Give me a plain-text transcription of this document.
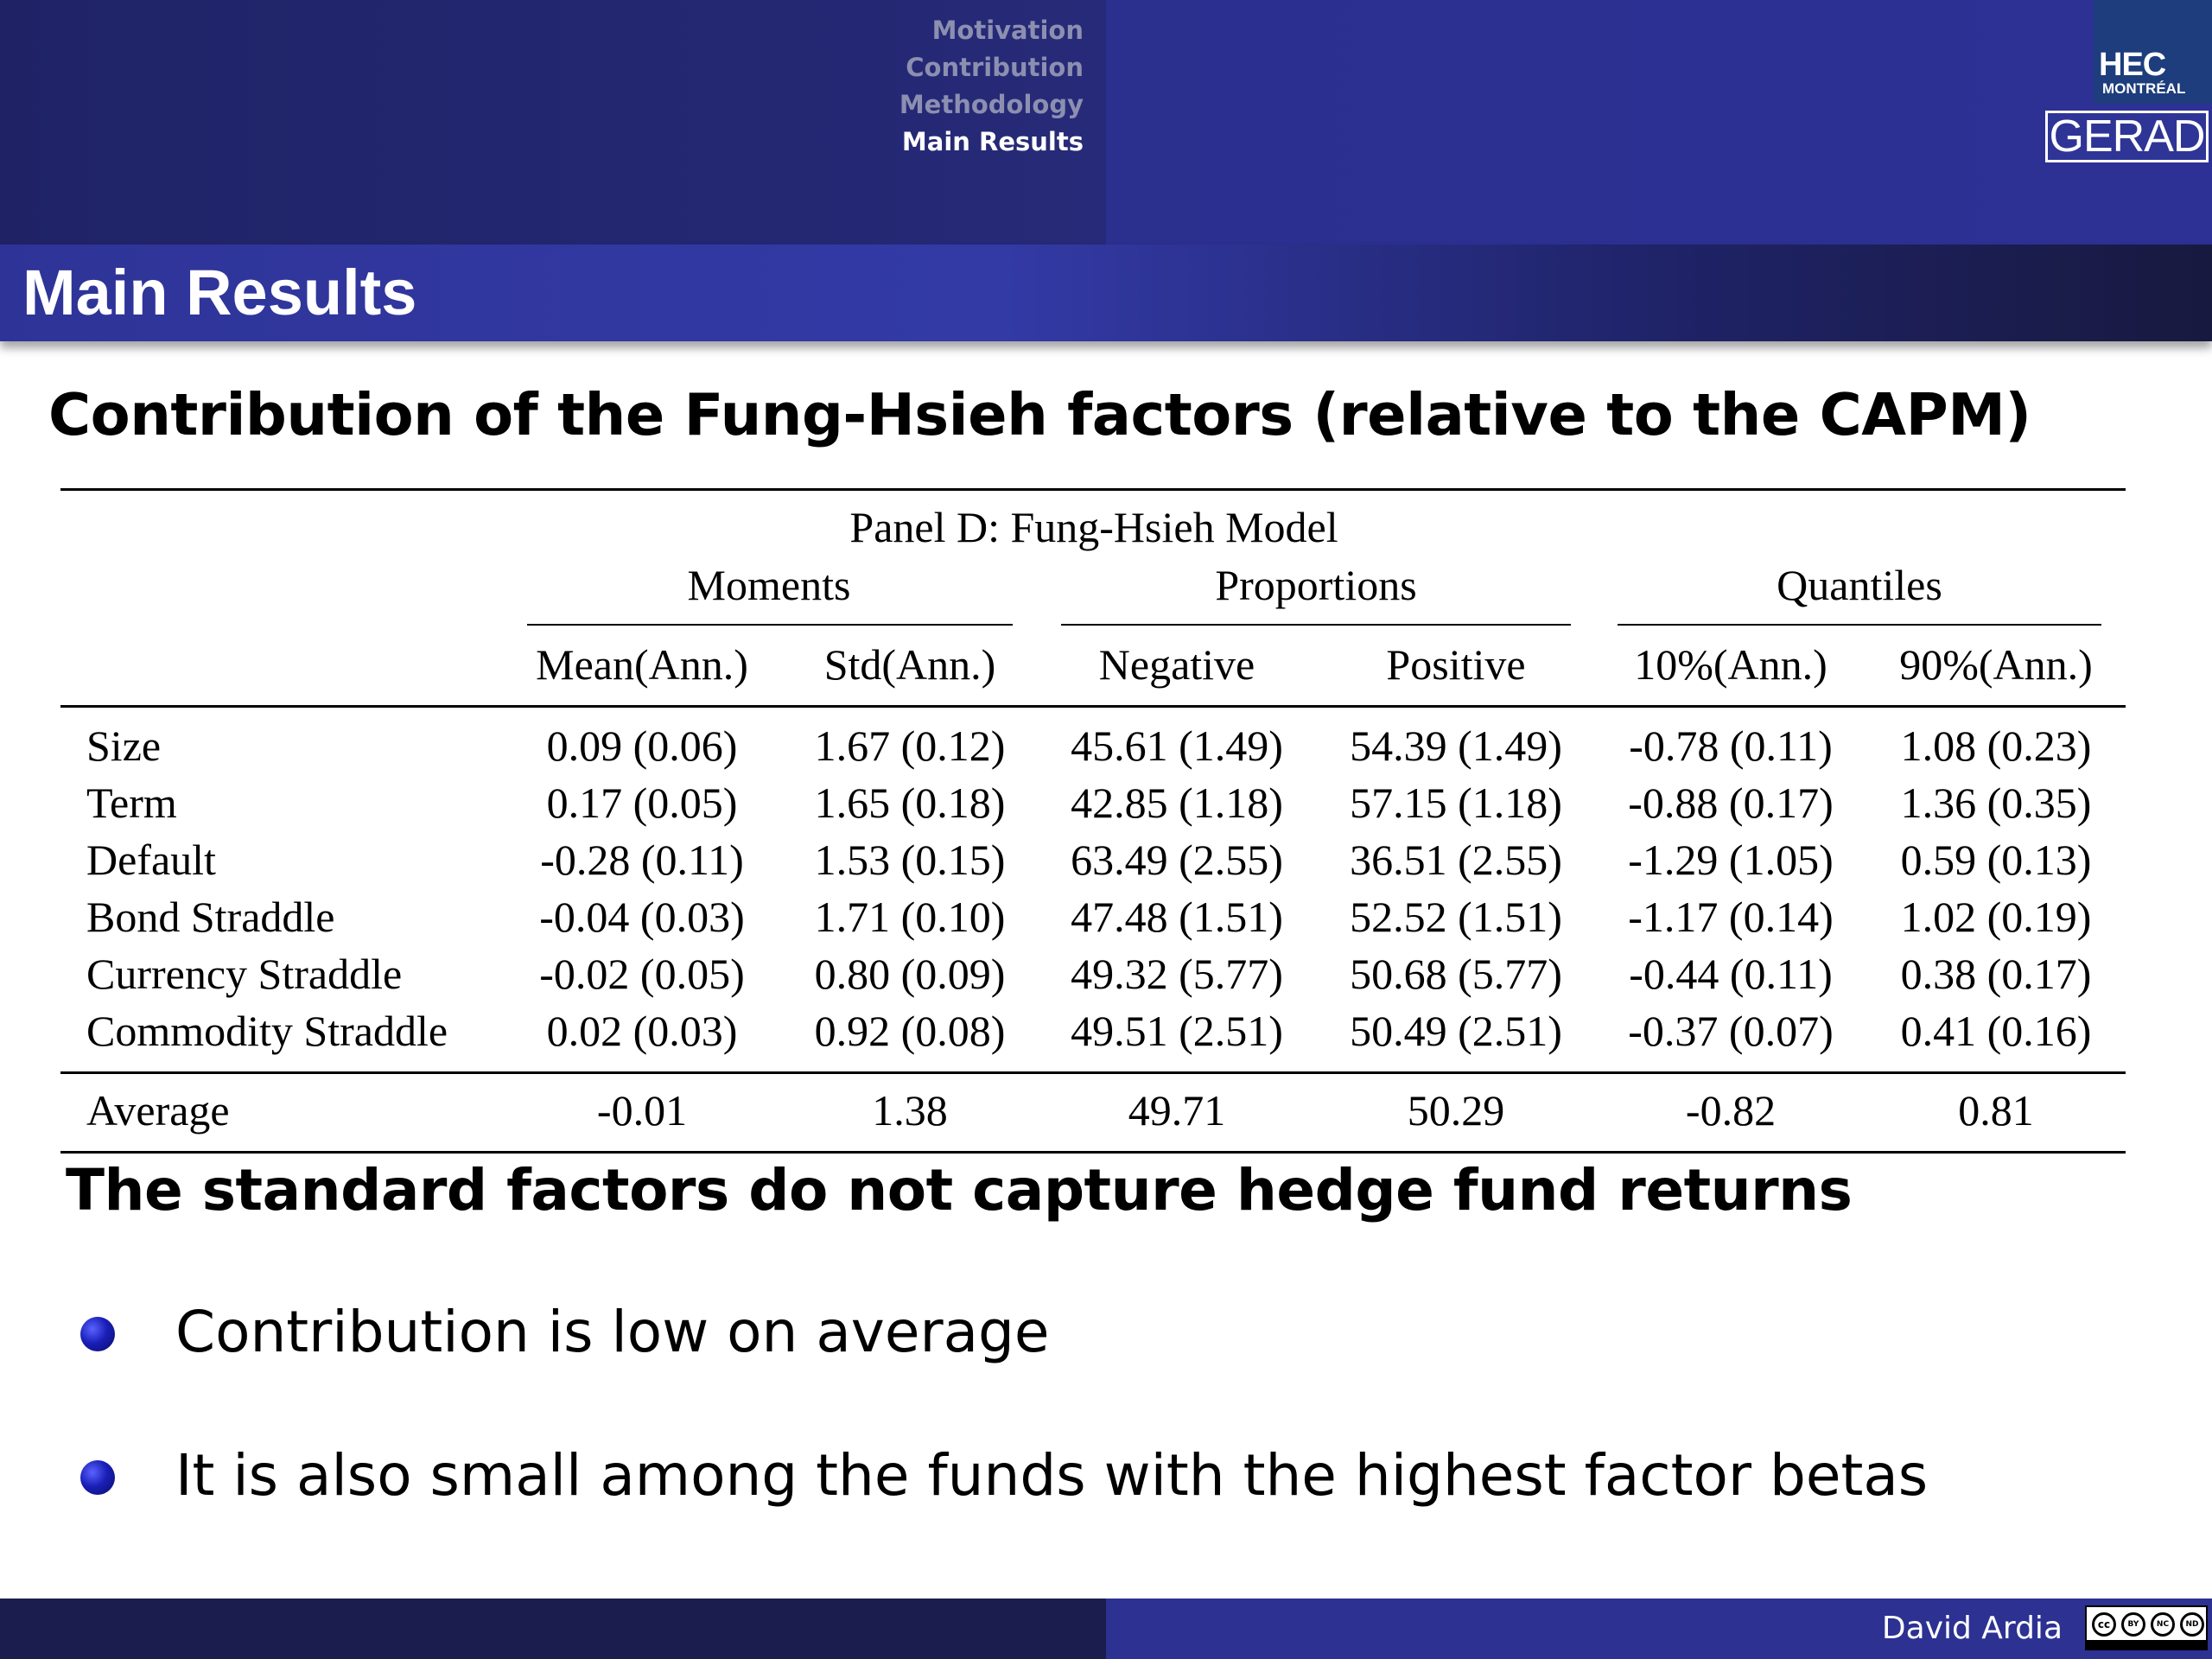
Motivation
Contribution
Methodology
Main Results
HEC
MONTRÉAL
GERAD
Main Results
Contribution of the Fung-Hsieh factors (relative to the CAPM)
Panel D: Fung-Hsieh Model
Moments	Proportions	Quantiles
Mean(Ann.) Std(Ann.) Negative	Positive	10%(Ann.) 90%(Ann.)
Size	0.09 (0.06) 1.67 (0.12) 45.61 (1.49) 54.39 (1.49) -0.78 (0.11) 1.08 (0.23)
Term	0.17 (0.05) 1.65 (0.18) 42.85 (1.18) 57.15 (1.18) -0.88 (0.17) 1.36 (0.35)
Default	-0.28 (0.11) 1.53 (0.15) 63.49 (2.55) 36.51 (2.55) -1.29 (1.05) 0.59 (0.13)
Bond Straddle	-0.04 (0.03) 1.71 (0.10) 47.48 (1.51) 52.52 (1.51) -1.17 (0.14) 1.02 (0.19)
Currency Straddle	-0.02 (0.05) 0.80 (0.09) 49.32 (5.77) 50.68 (5.77) -0.44 (0.11) 0.38 (0.17)
Commodity Straddle 0.02 (0.03) 0.92 (0.08) 49.51 (2.51) 50.49 (2.51) -0.37 (0.07) 0.41 (0.16)
Average	-0.01	1.38	49.71	50.29	-0.82	0.81
The standard factors do not capture hedge fund returns
Contribution is low on average
It is also small among the funds with the highest factor betas
David Ardia	cc	BY	NC	ND
